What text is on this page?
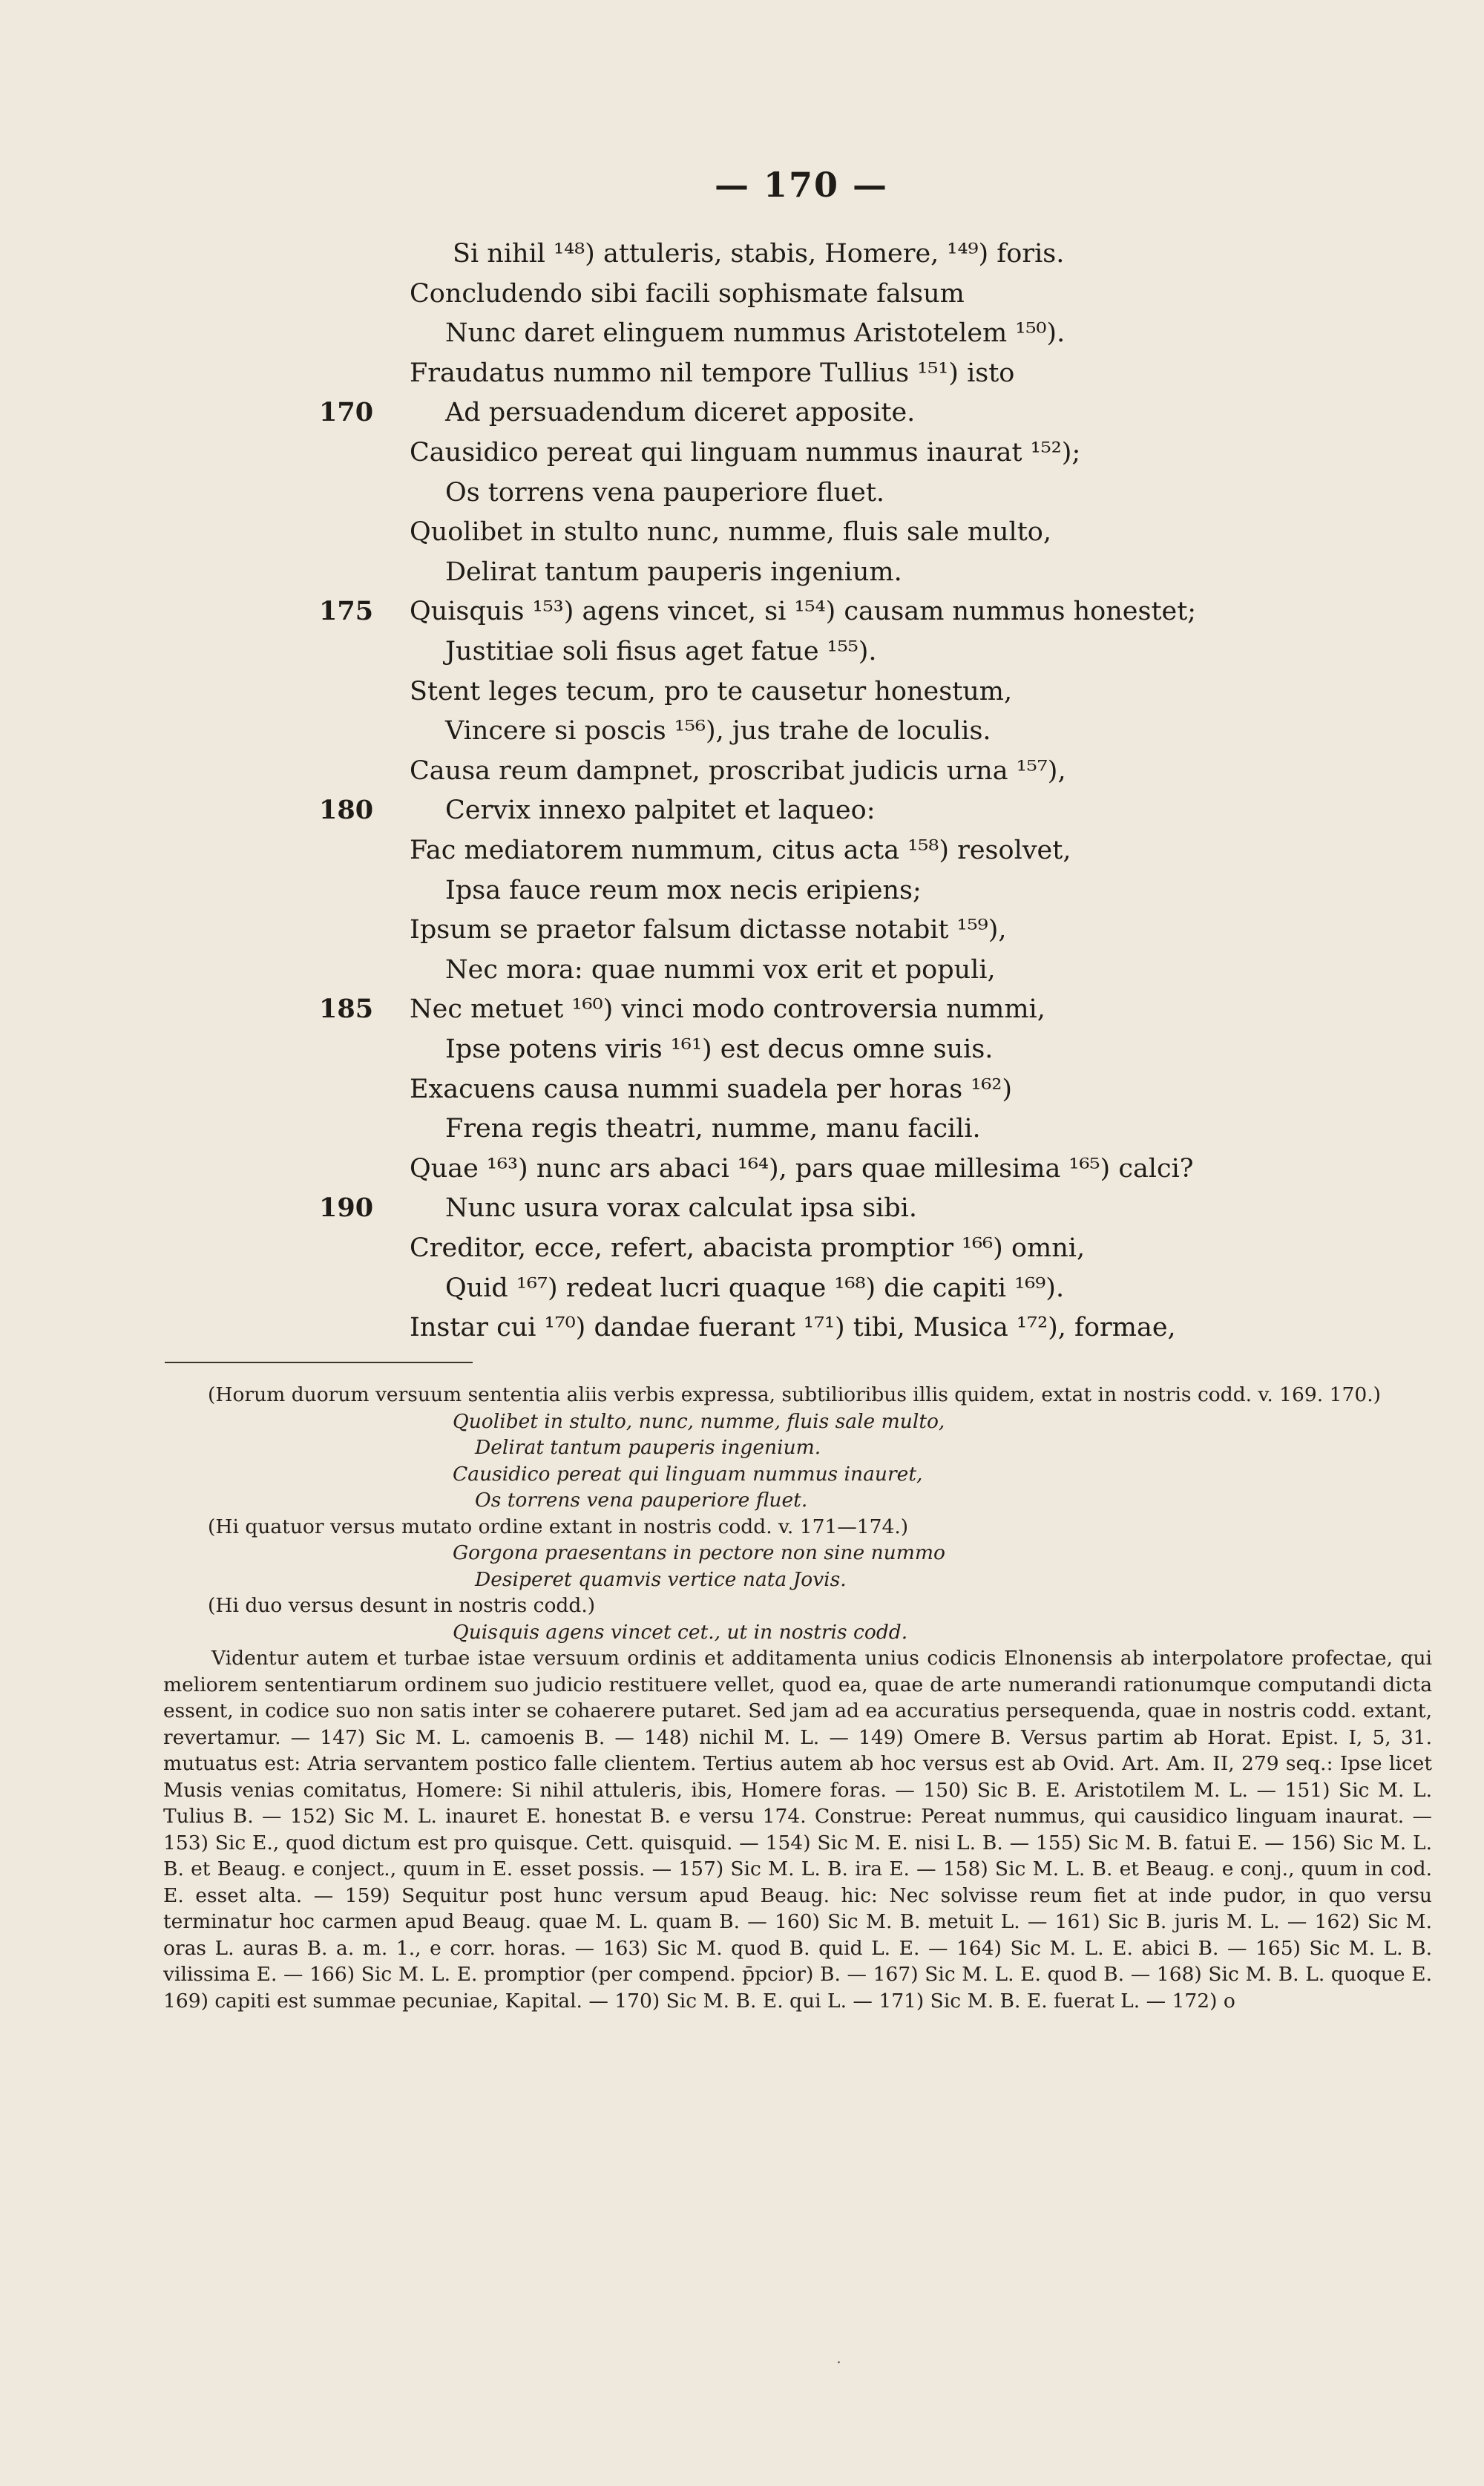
— 170 —
Si nihil ¹⁴⁸) attuleris, stabis, Homere, ¹⁴⁹) foris.
Concludendo sibi facili sophismate falsum
Nunc daret elinguem nummus Aristotelem ¹⁵⁰).
Fraudatus nummo nil tempore Tullius ¹⁵¹) isto
170	Ad persuadendum diceret apposite.
Causidico pereat qui linguam nummus inaurat ¹⁵²);
Os torrens vena pauperiore fluet.
Quolibet in stulto nunc, numme, fluis sale multo,
Delirat tantum pauperis ingenium.
175	Quisquis ¹⁵³) agens vincet, si ¹⁵⁴) causam nummus honestet;
Justitiae soli fisus aget fatue ¹⁵⁵).
Stent leges tecum, pro te causetur honestum,
Vincere si poscis ¹⁵⁶), jus trahe de loculis.
Causa reum dampnet, proscribat judicis urna ¹⁵⁷),
180	Cervix innexo palpitet et laqueo:
Fac mediatorem nummum, citus acta ¹⁵⁸) resolvet,
Ipsa fauce reum mox necis eripiens;
Ipsum se praetor falsum dictasse notabit ¹⁵⁹),
Nec mora: quae nummi vox erit et populi,
185	Nec metuet ¹⁶⁰) vinci modo controversia nummi,
Ipse potens viris ¹⁶¹) est decus omne suis.
Exacuens causa nummi suadela per horas ¹⁶²)
Frena regis theatri, numme, manu facili.
Quae ¹⁶³) nunc ars abaci ¹⁶⁴), pars quae millesima ¹⁶⁵) calci?
190	Nunc usura vorax calculat ipsa sibi.
Creditor, ecce, refert, abacista promptior ¹⁶⁶) omni,
Quid ¹⁶⁷) redeat lucri quaque ¹⁶⁸) die capiti ¹⁶⁹).
Instar cui ¹⁷⁰) dandae fuerant ¹⁷¹) tibi, Musica ¹⁷²), formae,

(Horum duorum versuum sententia aliis verbis expressa, subtilioribus illis quidem, extat in nostris codd. v. 169. 170.)

Quolibet in stulto, nunc, numme, fluis sale multo,

Delirat tantum pauperis ingenium.

Causidico pereat qui linguam nummus inauret,

Os torrens vena pauperiore fluet.

(Hi quatuor versus mutato ordine extant in nostris codd. v. 171—174.)

Gorgona praesentans in pectore non sine nummo

Desiperet quamvis vertice nata Jovis.

(Hi duo versus desunt in nostris codd.)

Quisquis agens vincet cet., ut in nostris codd.

Videntur autem et turbae istae versuum ordinis et additamenta unius codicis Elnonensis ab interpolatore profectae, qui meliorem sententiarum ordinem suo judicio restituere vellet, quod ea, quae de arte numerandi rationumque computandi dicta essent, in codice suo non satis inter se cohaerere putaret. Sed jam ad ea accuratius persequenda, quae in nostris codd. extant, revertamur. — 147) Sic M. L. camoenis B. — 148) nichil M. L. — 149) Omere B. Versus partim ab Horat. Epist. I, 5, 31. mutuatus est: Atria servantem postico falle clientem. Tertius autem ab hoc versus est ab Ovid. Art. Am. II, 279 seq.: Ipse licet Musis venias comitatus, Homere: Si nihil attuleris, ibis, Homere foras. — 150) Sic B. E. Aristotilem M. L. — 151) Sic M. L. Tulius B. — 152) Sic M. L. inauret E. honestat B. e versu 174. Construe: Pereat nummus, qui causidico linguam inaurat. — 153) Sic E., quod dictum est pro quisque. Cett. quisquid. — 154) Sic M. E. nisi L. B. — 155) Sic M. B. fatui E. — 156) Sic M. L. B. et Beaug. e conject., quum in E. esset possis. — 157) Sic M. L. B. ira E. — 158) Sic M. L. B. et Beaug. e conj., quum in cod. E. esset alta. — 159) Sequitur post hunc versum apud Beaug. hic: Nec solvisse reum fiet at inde pudor, in quo versu terminatur hoc carmen apud Beaug. quae M. L. quam B. — 160) Sic M. B. metuit L. — 161) Sic B. juris M. L. — 162) Sic M. oras L. auras B. a. m. 1., e corr. horas. — 163) Sic M. quod B. quid L. E. — 164) Sic M. L. E. abici B. — 165) Sic M. L. B. vilissima E. — 166) Sic M. L. E. promptior (per compend. p̄pcior) B. — 167) Sic M. L. E. quod B. — 168) Sic M. B. L. quoque E. 169) capiti est summae pecuniae, Kapital. — 170) Sic M. B. E. qui L. — 171) Sic M. B. E. fuerat L. — 172) o

˙
